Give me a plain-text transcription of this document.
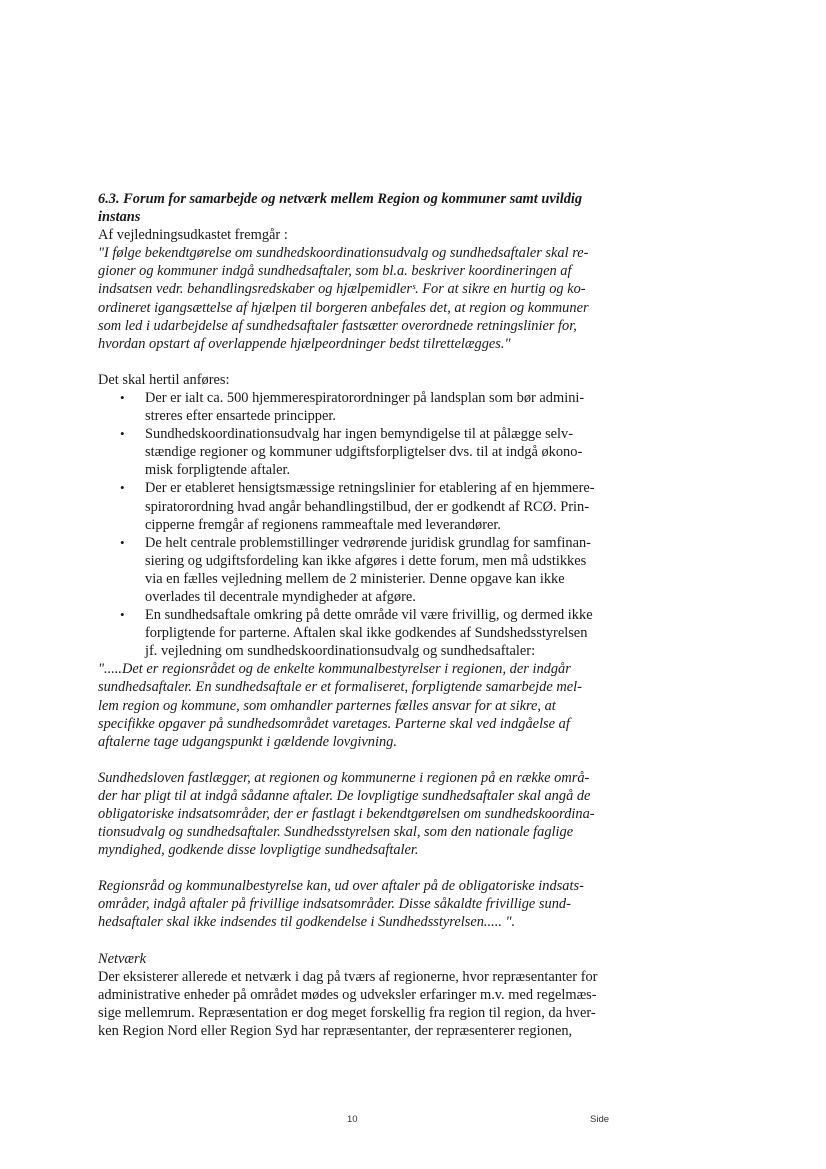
6.3. Forum for samarbejde og netværk mellem Region og kommuner samt uvildig
instans
Af vejledningsudkastet fremgår :
"I følge bekendtgørelse om sundhedskoordinationsudvalg og sundhedsaftaler skal re-
gioner og kommuner indgå sundhedsaftaler, som bl.a. beskriver koordineringen af
indsatsen vedr. behandlingsredskaber og hjælpemidlerˢ. For at sikre en hurtig og ko-
ordineret igangsættelse af hjælpen til borgeren anbefales det, at region og kommuner
som led i udarbejdelse af sundhedsaftaler fastsætter overordnede retningslinier for,
hvordan opstart af overlappende hjælpeordninger bedst tilrettelægges."
Det skal hertil anføres:
• Der er ialt ca. 500 hjemmerespiratorordninger på landsplan som bør admini-
streres efter ensartede principper.
• Sundhedskoordinationsudvalg har ingen bemyndigelse til at pålægge selv-
stændige regioner og kommuner udgiftsforpligtelser dvs. til at indgå økono-
misk forpligtende aftaler.
• Der er etableret hensigtsmæssige retningslinier for etablering af en hjemmere-
spiratorordning hvad angår behandlingstilbud, der er godkendt af RCØ. Prin-
cipperne fremgår af regionens rammeaftale med leverandører.
• De helt centrale problemstillinger vedrørende juridisk grundlag for samfinan-
siering og udgiftsfordeling kan ikke afgøres i dette forum, men må udstikkes
via en fælles vejledning mellem de 2 ministerier. Denne opgave kan ikke
overlades til decentrale myndigheder at afgøre.
• En sundhedsaftale omkring på dette område vil være frivillig, og dermed ikke
forpligtende for parterne. Aftalen skal ikke godkendes af Sundshedsstyrelsen
jf. vejledning om sundhedskoordinationsudvalg og sundhedsaftaler:
".....Det er regionsrådet og de enkelte kommunalbestyrelser i regionen, der indgår
sundhedsaftaler. En sundhedsaftale er et formaliseret, forpligtende samarbejde mel-
lem region og kommune, som omhandler parternes fælles ansvar for at sikre, at
specifikke opgaver på sundhedsområdet varetages. Parterne skal ved indgåelse af
aftalerne tage udgangspunkt i gældende lovgivning.
Sundhedsloven fastlægger, at regionen og kommunerne i regionen på en række områ-
der har pligt til at indgå sådanne aftaler. De lovpligtige sundhedsaftaler skal angå de
obligatoriske indsatsområder, der er fastlagt i bekendtgørelsen om sundhedskoordina-
tionsudvalg og sundhedsaftaler. Sundhedsstyrelsen skal, som den nationale faglige
myndighed, godkende disse lovpligtige sundhedsaftaler.
Regionsråd og kommunalbestyrelse kan, ud over aftaler på de obligatoriske indsats-
områder, indgå aftaler på frivillige indsatsområder. Disse såkaldte frivillige sund-
hedsaftaler skal ikke indsendes til godkendelse i Sundhedsstyrelsen..... ".
Netværk
Der eksisterer allerede et netværk i dag på tværs af regionerne, hvor repræsentanter for
administrative enheder på området mødes og udveksler erfaringer m.v. med regelmæs-
sige mellemrum. Repræsentation er dog meget forskellig fra region til region, da hver-
ken Region Nord eller Region Syd har repræsentanter, der repræsenterer regionen,
10	Side
